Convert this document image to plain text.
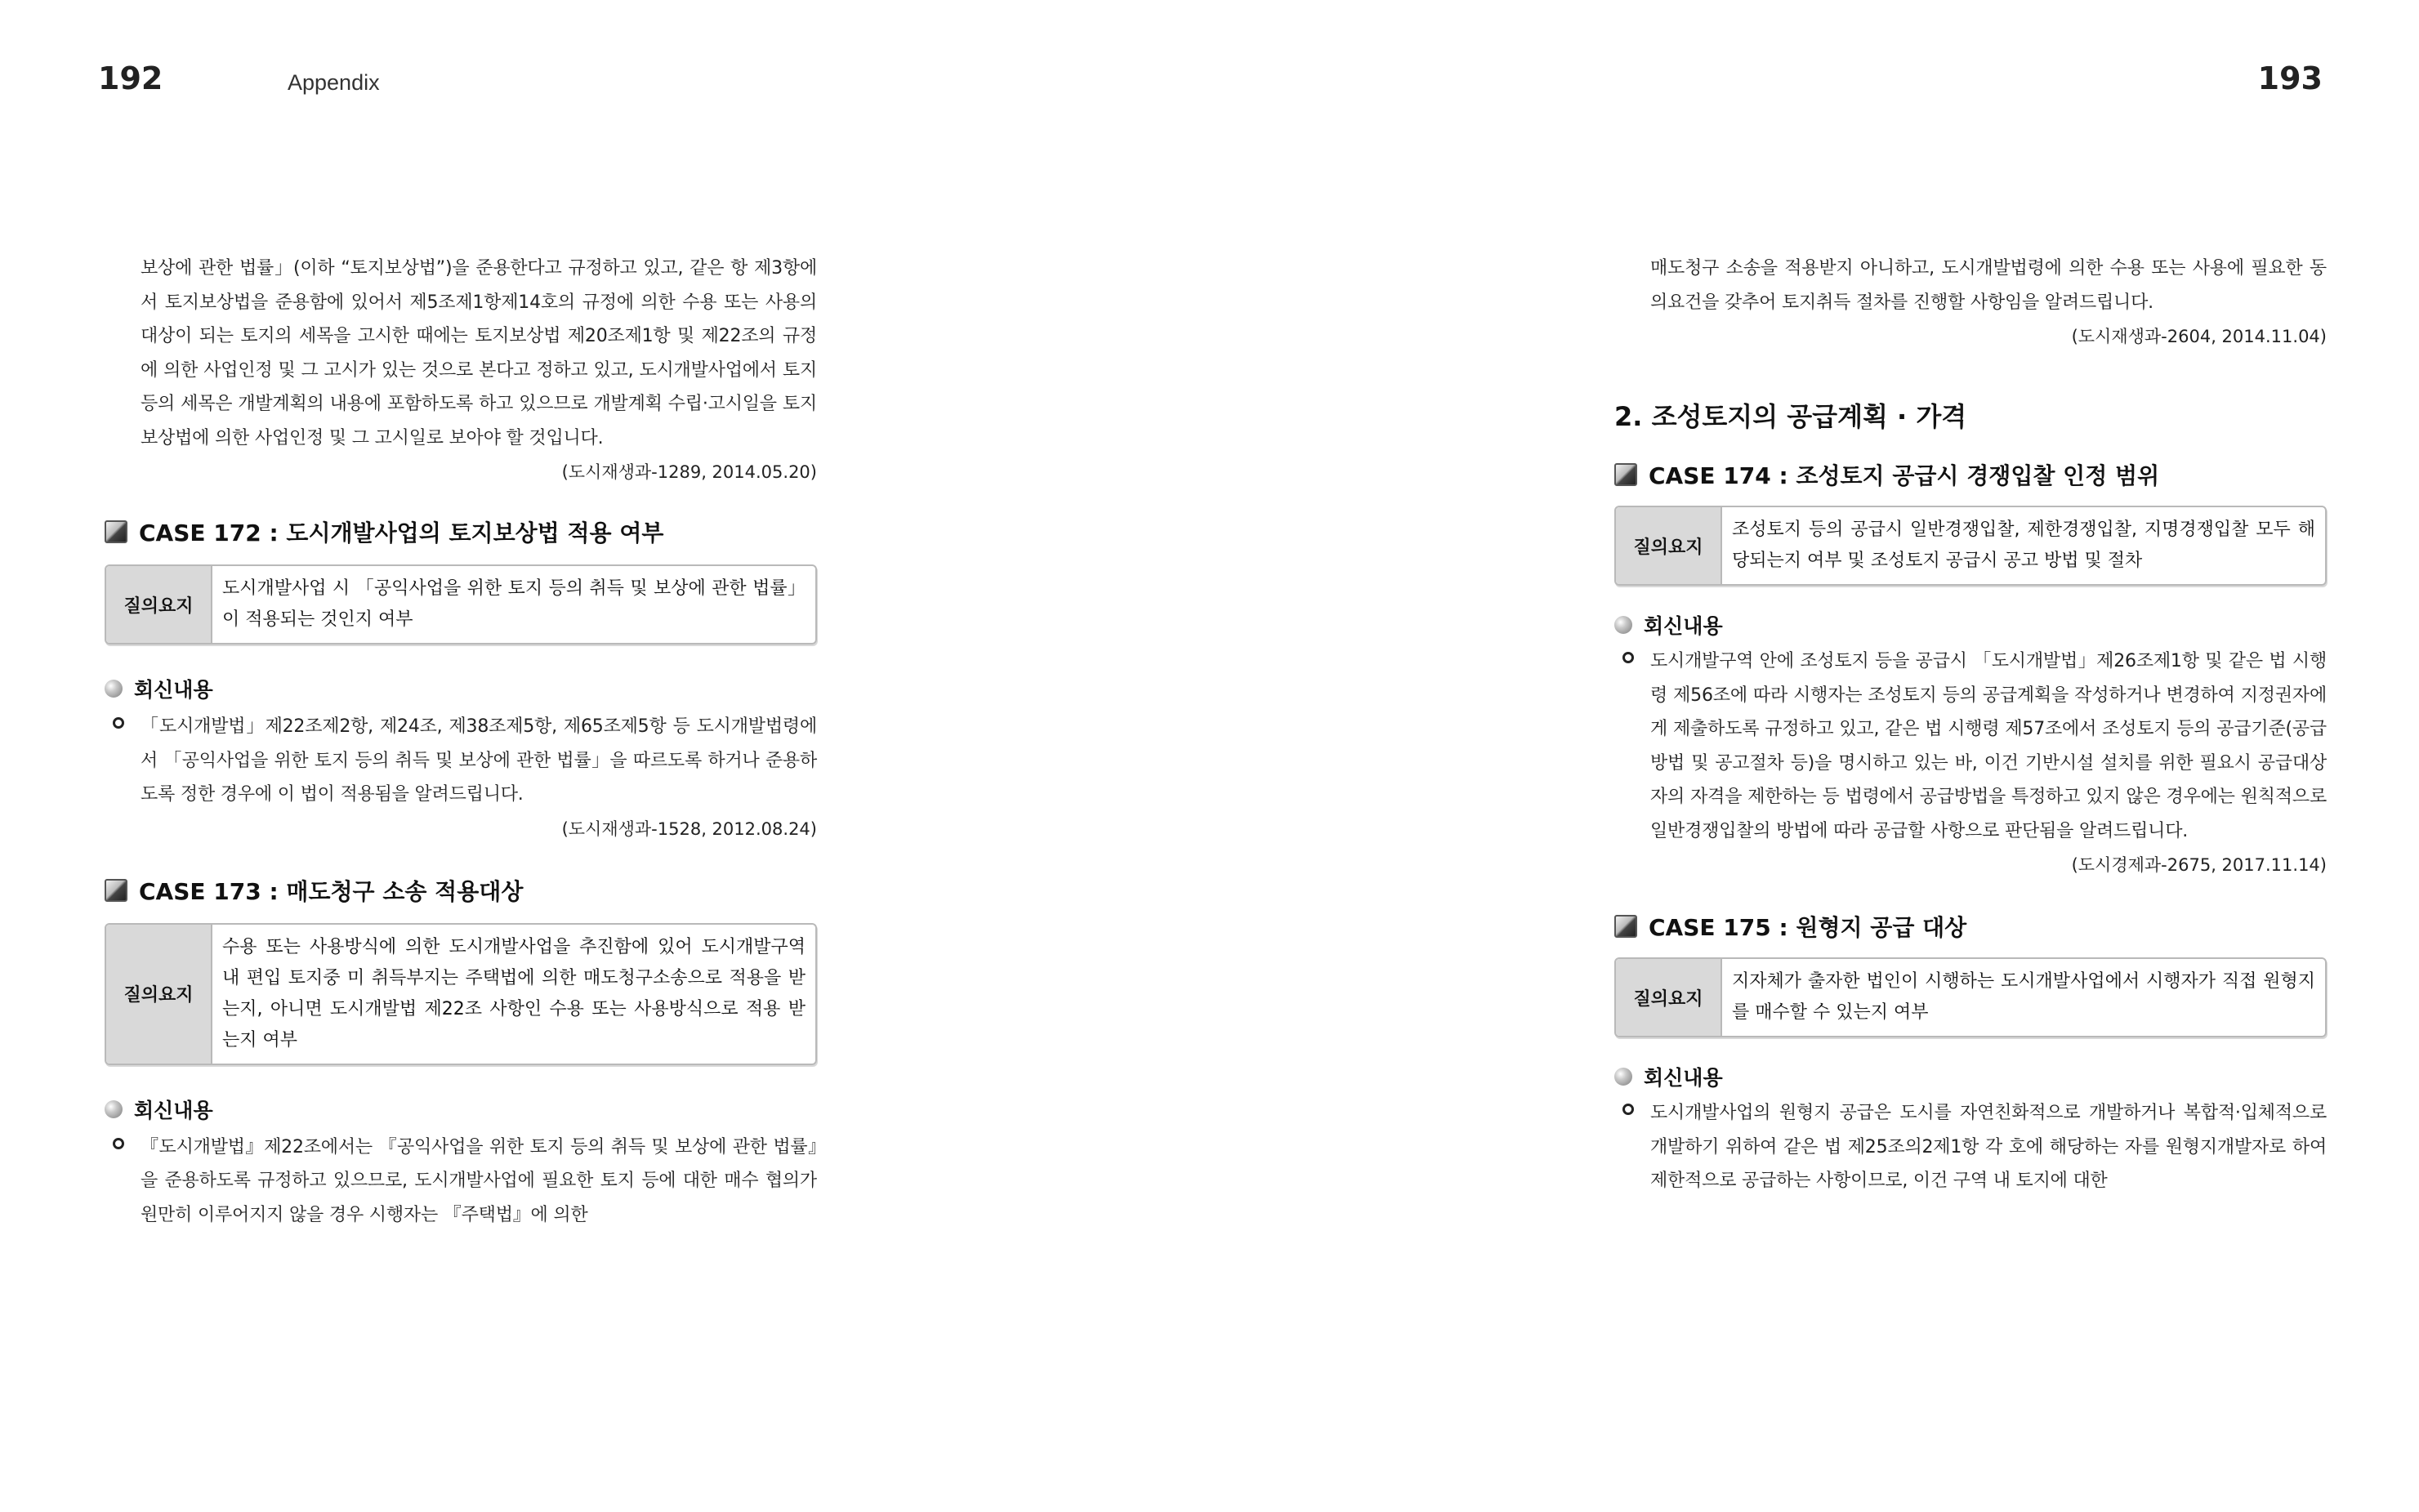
192	Appendix	193

보상에 관한 법률」(이하 “토지보상법”)을 준용한다고 규정하고 있고, 같은 항 제3항에서 토지보상법을 준용함에 있어서 제5조제1항제14호의 규정에 의한 수용 또는 사용의 대상이 되는 토지의 세목을 고시한 때에는 토지보상법 제20조제1항 및 제22조의 규정에 의한 사업인정 및 그 고시가 있는 것으로 본다고 정하고 있고, 도시개발사업에서 토지 등의 세목은 개발계획의 내용에 포함하도록 하고 있으므로 개발계획 수립·고시일을 토지보상법에 의한 사업인정 및 그 고시일로 보아야 할 것입니다.

(도시재생과-1289, 2014.05.20)

CASE 172 : 도시개발사업의 토지보상법 적용 여부
질의요지
도시개발사업 시 「공익사업을 위한 토지 등의 취득 및 보상에 관한 법률」이 적용되는 것인지 여부
회신내용

「도시개발법」제22조제2항, 제24조, 제38조제5항, 제65조제5항 등 도시개발법령에서 「공익사업을 위한 토지 등의 취득 및 보상에 관한 법률」을 따르도록 하거나 준용하도록 정한 경우에 이 법이 적용됨을 알려드립니다.

(도시재생과-1528, 2012.08.24)

CASE 173 : 매도청구 소송 적용대상
질의요지
수용 또는 사용방식에 의한 도시개발사업을 추진함에 있어 도시개발구역 내 편입 토지중 미 취득부지는 주택법에 의한 매도청구소송으로 적용을 받는지, 아니면 도시개발법 제22조 사항인 수용 또는 사용방식으로 적용 받는지 여부
회신내용

『도시개발법』제22조에서는 『공익사업을 위한 토지 등의 취득 및 보상에 관한 법률』을 준용하도록 규정하고 있으므로, 도시개발사업에 필요한 토지 등에 대한 매수 협의가 원만히 이루어지지 않을 경우 시행자는 『주택법』에 의한

매도청구 소송을 적용받지 아니하고, 도시개발법령에 의한 수용 또는 사용에 필요한 동의요건을 갖추어 토지취득 절차를 진행할 사항임을 알려드립니다.

(도시재생과-2604, 2014.11.04)

2. 조성토지의 공급계획 · 가격

CASE 174 : 조성토지 공급시 경쟁입찰 인정 범위
질의요지
조성토지 등의 공급시 일반경쟁입찰, 제한경쟁입찰, 지명경쟁입찰 모두 해당되는지 여부 및 조성토지 공급시 공고 방법 및 절차
회신내용

도시개발구역 안에 조성토지 등을 공급시 「도시개발법」제26조제1항 및 같은 법 시행령 제56조에 따라 시행자는 조성토지 등의 공급계획을 작성하거나 변경하여 지정권자에게 제출하도록 규정하고 있고, 같은 법 시행령 제57조에서 조성토지 등의 공급기준(공급방법 및 공고절차 등)을 명시하고 있는 바, 이건 기반시설 설치를 위한 필요시 공급대상자의 자격을 제한하는 등 법령에서 공급방법을 특정하고 있지 않은 경우에는 원칙적으로 일반경쟁입찰의 방법에 따라 공급할 사항으로 판단됨을 알려드립니다.

(도시경제과-2675, 2017.11.14)

CASE 175 : 원형지 공급 대상
질의요지
지자체가 출자한 법인이 시행하는 도시개발사업에서 시행자가 직접 원형지를 매수할 수 있는지 여부
회신내용

도시개발사업의 원형지 공급은 도시를 자연친화적으로 개발하거나 복합적·입체적으로 개발하기 위하여 같은 법 제25조의2제1항 각 호에 해당하는 자를 원형지개발자로 하여 제한적으로 공급하는 사항이므로, 이건 구역 내 토지에 대한
